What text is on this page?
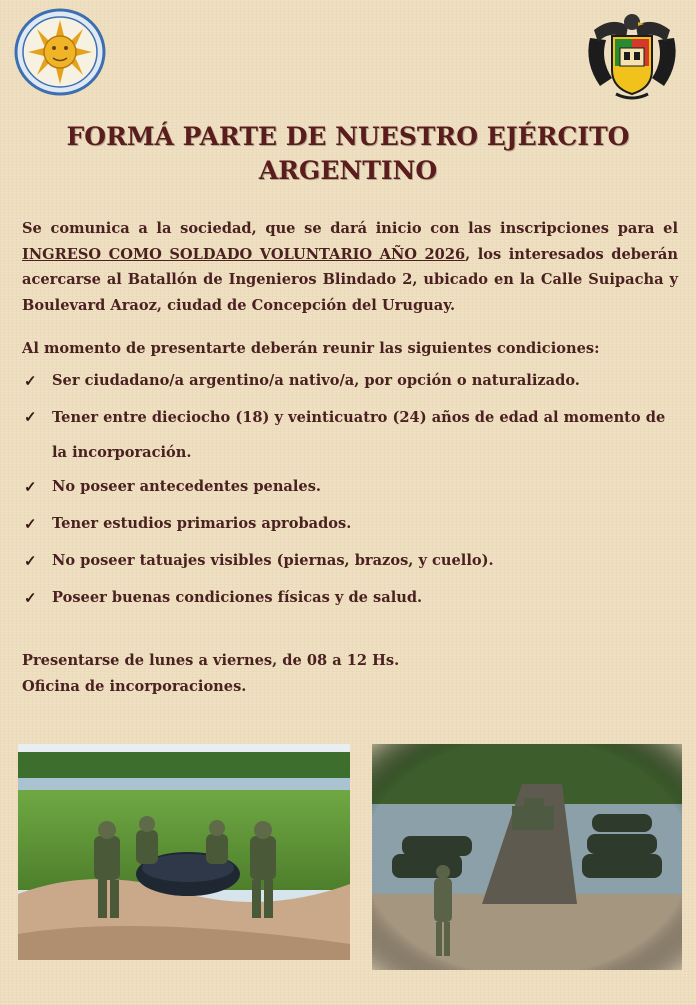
FORMÁ PARTE DE NUESTRO EJÉRCITO
ARGENTINO
Se comunica a la sociedad, que se dará inicio con las inscripciones para el INGRESO COMO SOLDADO VOLUNTARIO AÑO 2026, los interesados deberán acercarse al Batallón de Ingenieros Blindado 2, ubicado en la Calle Suipacha y Boulevard Araoz, ciudad de Concepción del Uruguay.
Al momento de presentarte deberán reunir las siguientes condiciones:
✓ Ser ciudadano/a argentino/a nativo/a, por opción o naturalizado.
✓ Tener entre dieciocho (18) y veinticuatro (24) años de edad al momento de la incorporación.
✓ No poseer antecedentes penales.
✓ Tener estudios primarios aprobados.
✓ No poseer tatuajes visibles (piernas, brazos, y cuello).
✓ Poseer buenas condiciones físicas y de salud.
Presentarse de lunes a viernes, de 08 a 12 Hs.
Oficina de incorporaciones.
